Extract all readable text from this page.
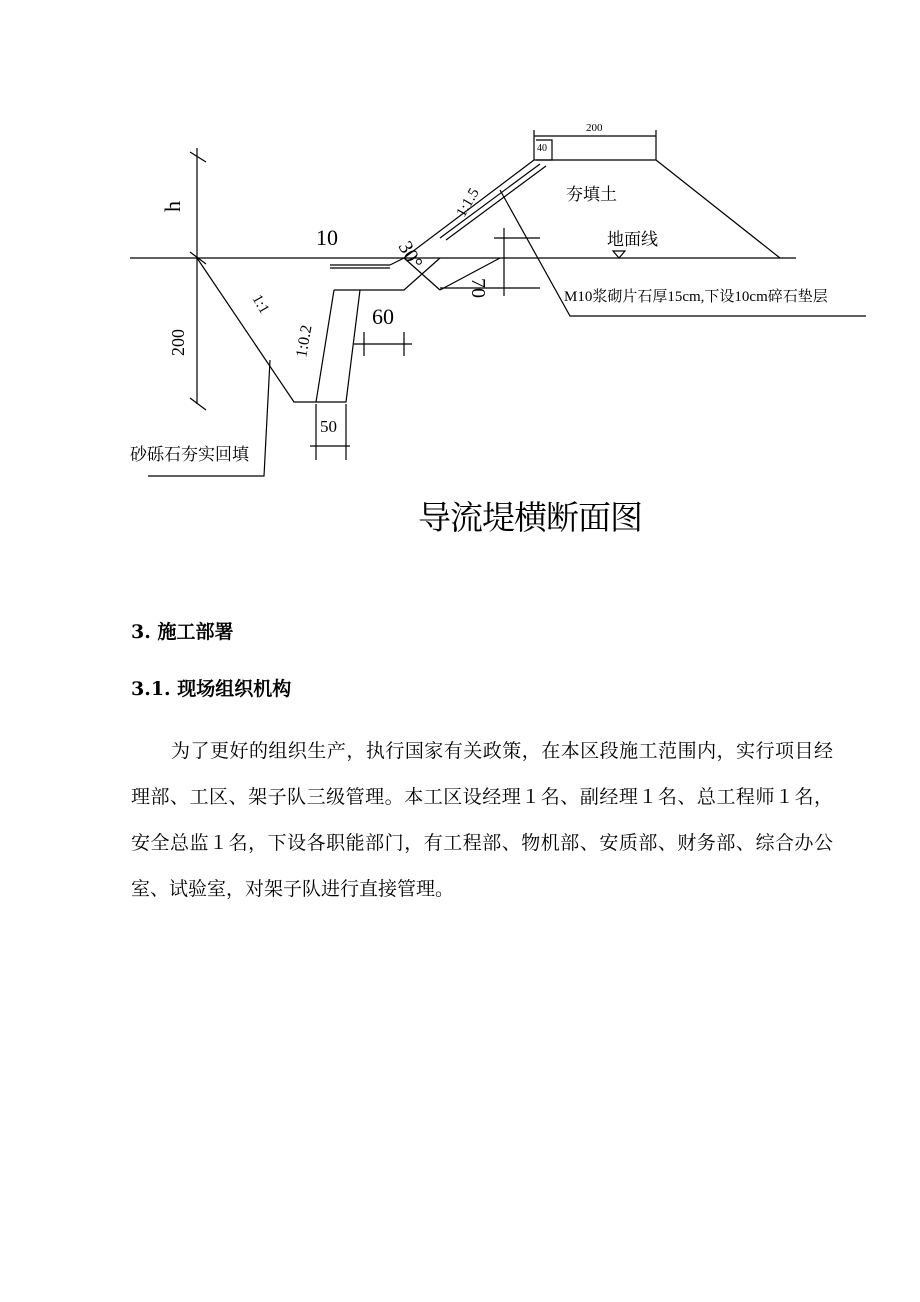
200
40
夯填土
1:1.5
h
地面线
10	30°
70	M10浆砌片石厚15cm,下设10cm碎石垫层
1:1
1:0.2
60
200
50
砂砾石夯实回填
导流堤横断面图
3. 施工部署
3.1. 现场组织机构
为了更好的组织生产，执行国家有关政策，在本区段施工范围内，实行项目经理部、工区、架子队三级管理。本工区设经理１名、副经理１名、总工程师１名，安全总监１名，下设各职能部门，有工程部、物机部、安质部、财务部、综合办公室、试验室，对架子队进行直接管理。
